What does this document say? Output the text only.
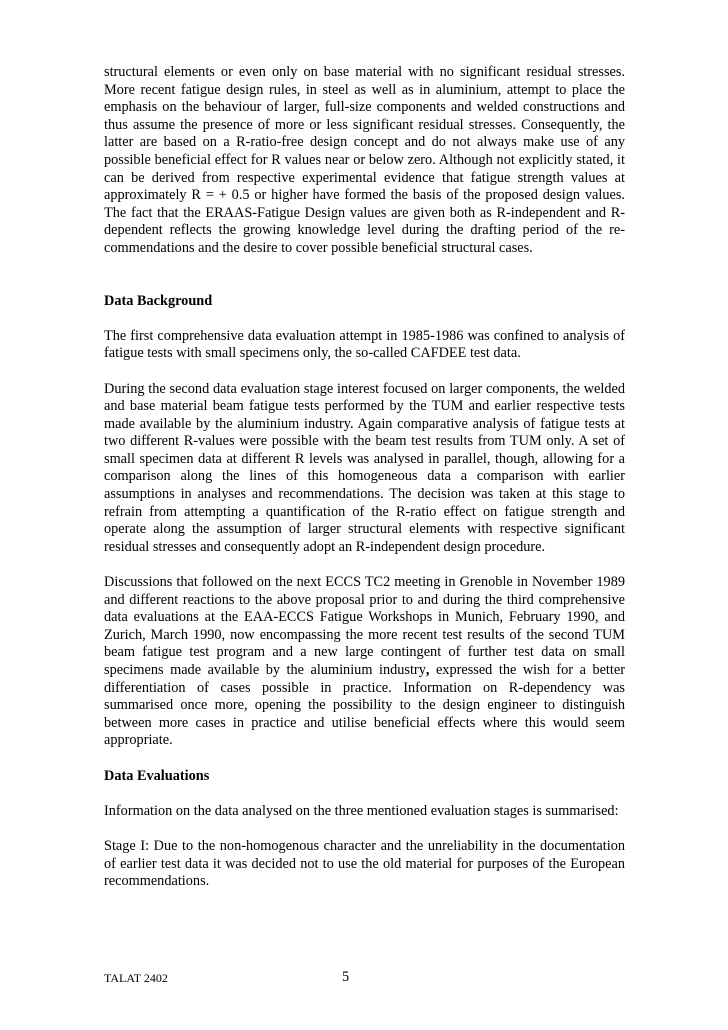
structural elements or even only on base material with no significant residual stresses. More recent fatigue design rules, in steel as well as in aluminium, attempt to place the emphasis on the behaviour of larger, full-size components and welded constructions and thus assume the presence of more or less significant residual stresses. Consequently, the latter are based on a R-ratio-free design concept and do not always make use of any possible beneficial effect for R values near or below zero. Although not explicitly stated, it can be derived from respective experimental evidence that fatigue strength values at approximately R = + 0.5 or higher have formed the basis of the proposed design values. The fact that the ERAAS-Fatigue Design values are given both as R-independent and R-dependent reflects the growing knowledge level during the drafting period of the re-commendations and the desire to cover possible beneficial structural cases.

Data Background

The first comprehensive data evaluation attempt in 1985-1986 was confined to analysis of fatigue tests with small specimens only, the so-called CAFDEE test data.

During the second data evaluation stage interest focused on larger components, the welded and base material beam fatigue tests performed by the TUM and earlier respective tests made available by the aluminium industry. Again comparative analysis of fatigue tests at two different R-values were possible with the beam test results from TUM only. A set of small specimen data at different R levels was analysed in parallel, though, allowing for a comparison along the lines of this homogeneous data a comparison with earlier assumptions in analyses and recommendations. The decision was taken at this stage to refrain from attempting a quantification of the R-ratio effect on fatigue strength and operate along the assumption of larger structural elements with respective significant residual stresses and consequently adopt an R-independent design procedure.

Discussions that followed on the next ECCS TC2 meeting in Grenoble in November 1989 and different reactions to the above proposal prior to and during the third comprehensive data evaluations at the EAA-ECCS Fatigue Workshops in Munich, February 1990, and Zurich, March 1990, now encompassing the more recent test results of the second TUM beam fatigue test program and a new large contingent of further test data on small specimens made available by the aluminium industry, expressed the wish for a better differentiation of cases possible in practice. Information on R-dependency was summarised once more, opening the possibility to the design engineer to distinguish between more cases in practice and utilise beneficial effects where this would seem appropriate.

Data Evaluations

Information on the data analysed on the three mentioned evaluation stages is summarised:

Stage I: Due to the non-homogenous character and the unreliability in the documentation of earlier test data it was decided not to use the old material for purposes of the European recommendations.

TALAT 2402	5
